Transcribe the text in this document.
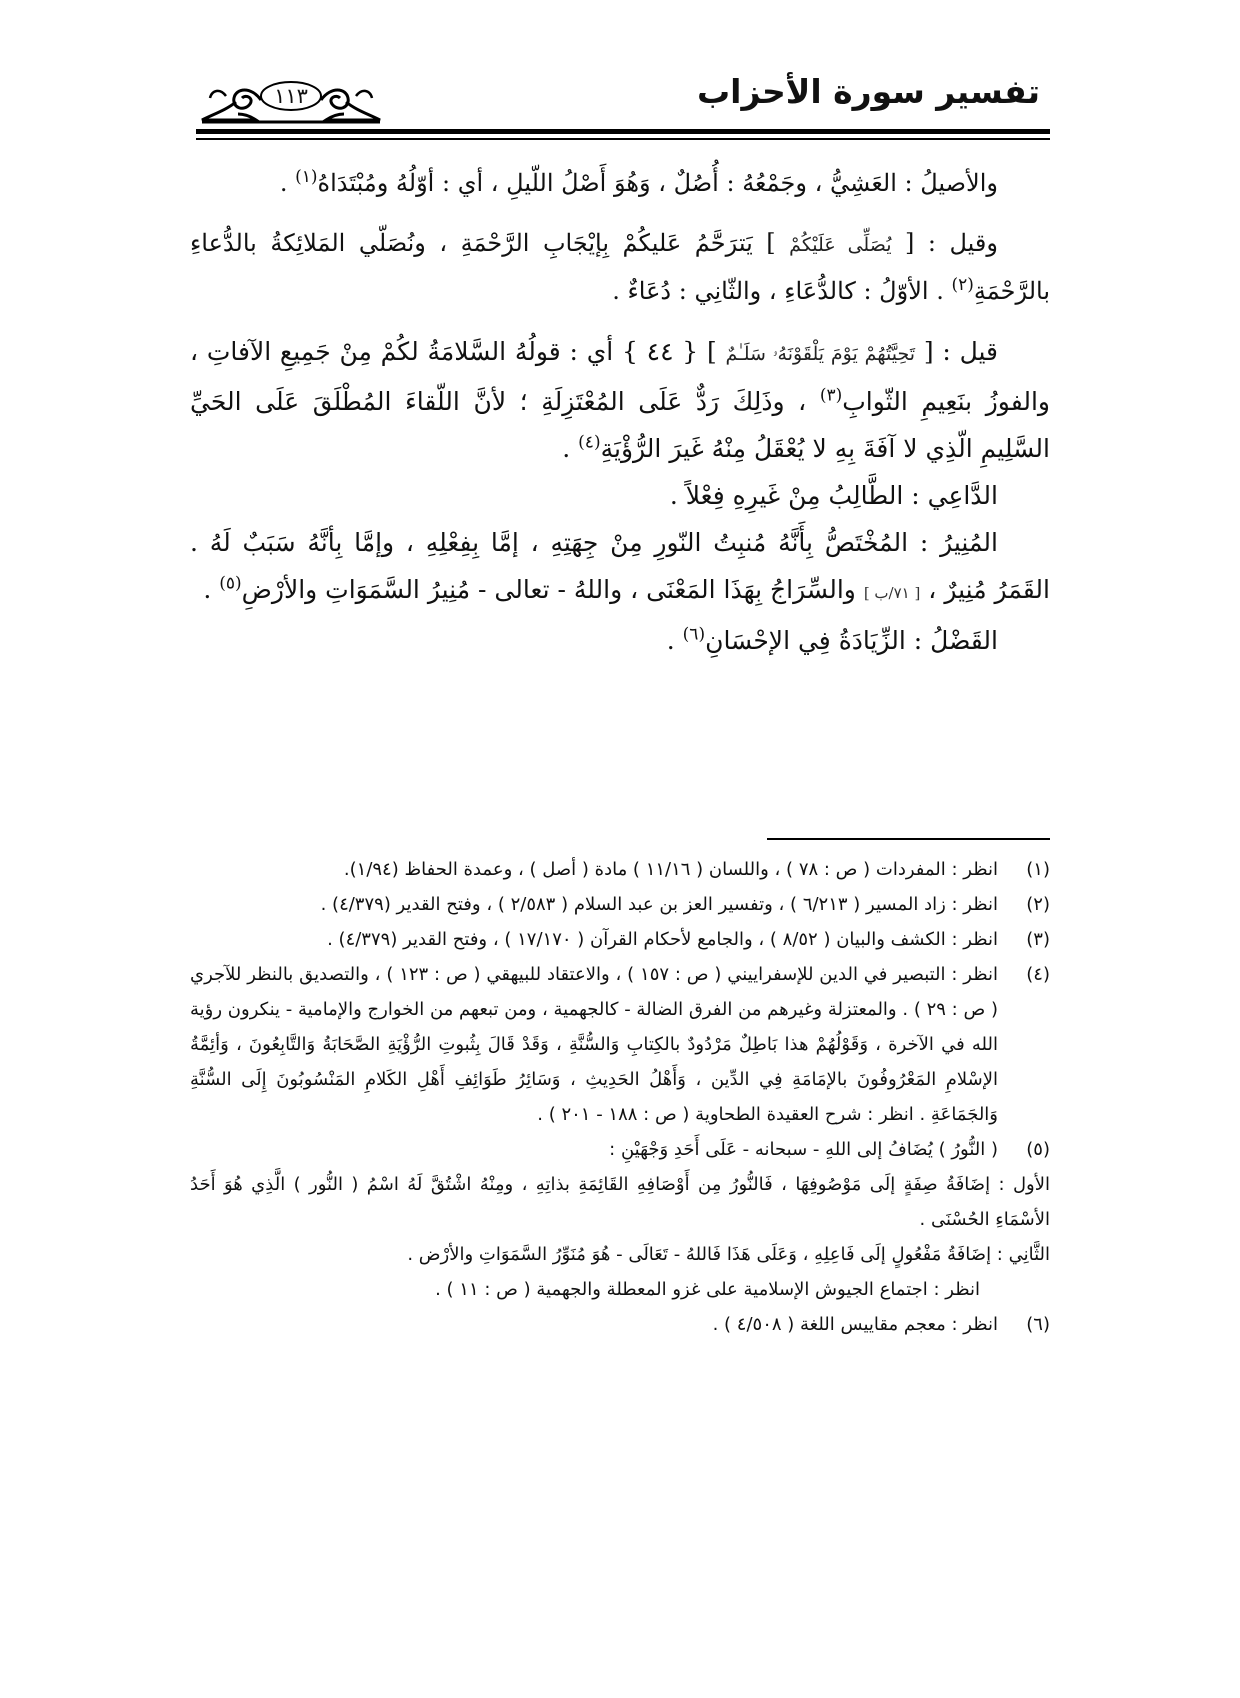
تفسير سورة الأحزاب
١١٣

والأصيلُ : العَشِيُّ ، وجَمْعُهُ : أُصُلٌ ، وَهُوَ أَصْلُ اللّيلِ ، أي : أوّلُهُ ومُبْتَدَاهُ$^{(١)}$ .

وقيل : [ يُصَلِّى عَلَيْكُمْ ] يَترَحَّمُ عَليكُمْ بِإيْجَابِ الرَّحْمَةِ ، ونُصَلّي المَلائِكةُ بالدُّعاءِ بالرَّحْمَةِ$^{(٢)}$ . الأوّلُ : كالدُّعَاءِ ، والثّانِي : دُعَاءٌ .

قيل : [ تَحِيَّتُهُمْ يَوْمَ يَلْقَوْنَهُۥ سَلَـٰمٌ ] { ٤٤ } أي : قولُهُ السَّلامَةُ لكُمْ مِنْ جَمِيعِ الآفاتِ ، والفوزُ بنَعِيمِ الثّوابِ$^{(٣)}$ ، وذَلِكَ رَدٌّ عَلَى المُعْتَزِلَةِ ؛ لأنَّ اللّقاءَ المُطْلَقَ عَلَى الحَيِّ السَّلِيمِ الّذِي لا آفَةَ بِهِ لا يُعْقَلُ مِنْهُ غَيرَ الرُّؤْيَةِ$^{(٤)}$ .

الدَّاعِي : الطَّالِبُ مِنْ غَيرِهِ فِعْلاً .

المُنِيرُ : المُخْتَصُّ بِأَنَّهُ مُنبِتُ النّورِ مِنْ جِهَتِهِ ، إمَّا بِفِعْلِهِ ، وإمَّا بِأنَّهُ سَبَبٌ لَهُ . القَمَرُ مُنِيرٌ ، [ ٧١/ب ] والسِّرَاجُ بِهَذَا المَعْنَى ، واللهُ - تعالى - مُنِيرُ السَّمَوَاتِ والأرْضِ$^{(٥)}$ .

القَضْلُ : الزِّيَادَةُ فِي الإحْسَانِ$^{(٦)}$ .

(١)
انظر : المفردات ( ص : ٧٨ ) ، واللسان ( ١١/١٦ ) مادة ( أصل ) ، وعمدة الحفاظ (١/٩٤).
(٢)
انظر : زاد المسير ( ٦/٢١٣ ) ، وتفسير العز بن عبد السلام ( ٢/٥٨٣ ) ، وفتح القدير (٤/٣٧٩) .
(٣)
انظر : الكشف والبيان ( ٨/٥٢ ) ، والجامع لأحكام القرآن ( ١٧/١٧٠ ) ، وفتح القدير (٤/٣٧٩) .
(٤)
انظر : التبصير في الدين للإسفراييني ( ص : ١٥٧ ) ، والاعتقاد للبيهقي ( ص : ١٢٣ ) ، والتصديق بالنظر للآجري ( ص : ٢٩ ) . والمعتزلة وغيرهم من الفرق الضالة - كالجهمية ، ومن تبعهم من الخوارج والإمامية - ينكرون رؤية الله في الآخرة ، وَقَوْلُهُمْ هذا بَاطِلٌ مَرْدُودٌ بالكِتابِ وَالسُّنَّةِ ، وَقَدْ قَالَ بِثُبوتِ الرُّؤْيَةِ الصَّحَابَةُ وَالتَّابِعُونَ ، وَأئِمَّةُ الإسْلامِ المَعْرُوفُونَ بالإمَامَةِ فِي الدِّين ، وَأَهْلُ الحَدِيثِ ، وَسَائِرُ طَوَائِفِ أَهْلِ الكَلامِ المَنْسُوبُونَ إِلَى السُّنَّةِ وَالجَمَاعَةِ . انظر : شرح العقيدة الطحاوية ( ص : ١٨٨ - ٢٠١ ) .
(٥)
( النُّورُ ) يُضَافُ إلى اللهِ - سبحانه - عَلَى أَحَدِ وَجْهَيْنِ :

الأول : إضَافَةُ صِفَةٍ إلَى مَوْصُوفِهَا ، فَالنُّورُ مِن أَوْصَافِهِ القَائِمَةِ بذاتِهِ ، ومِنْهُ اشْتُقَّ لَهُ اسْمُ ( النُّور ) الَّذِي هُوَ أَحَدُ الأسْمَاءِ الحُسْنَى .

الثَّانِي : إضَافَةُ مَفْعُولٍ إلَى فَاعِلِهِ ، وَعَلَى هَذَا فَاللهُ - تَعَالَى - هُوَ مُنَوِّرُ السَّمَوَاتِ والأرْض .

انظر : اجتماع الجيوش الإسلامية على غزو المعطلة والجهمية ( ص : ١١ ) .

(٦)
انظر : معجم مقاييس اللغة ( ٤/٥٠٨ ) .
